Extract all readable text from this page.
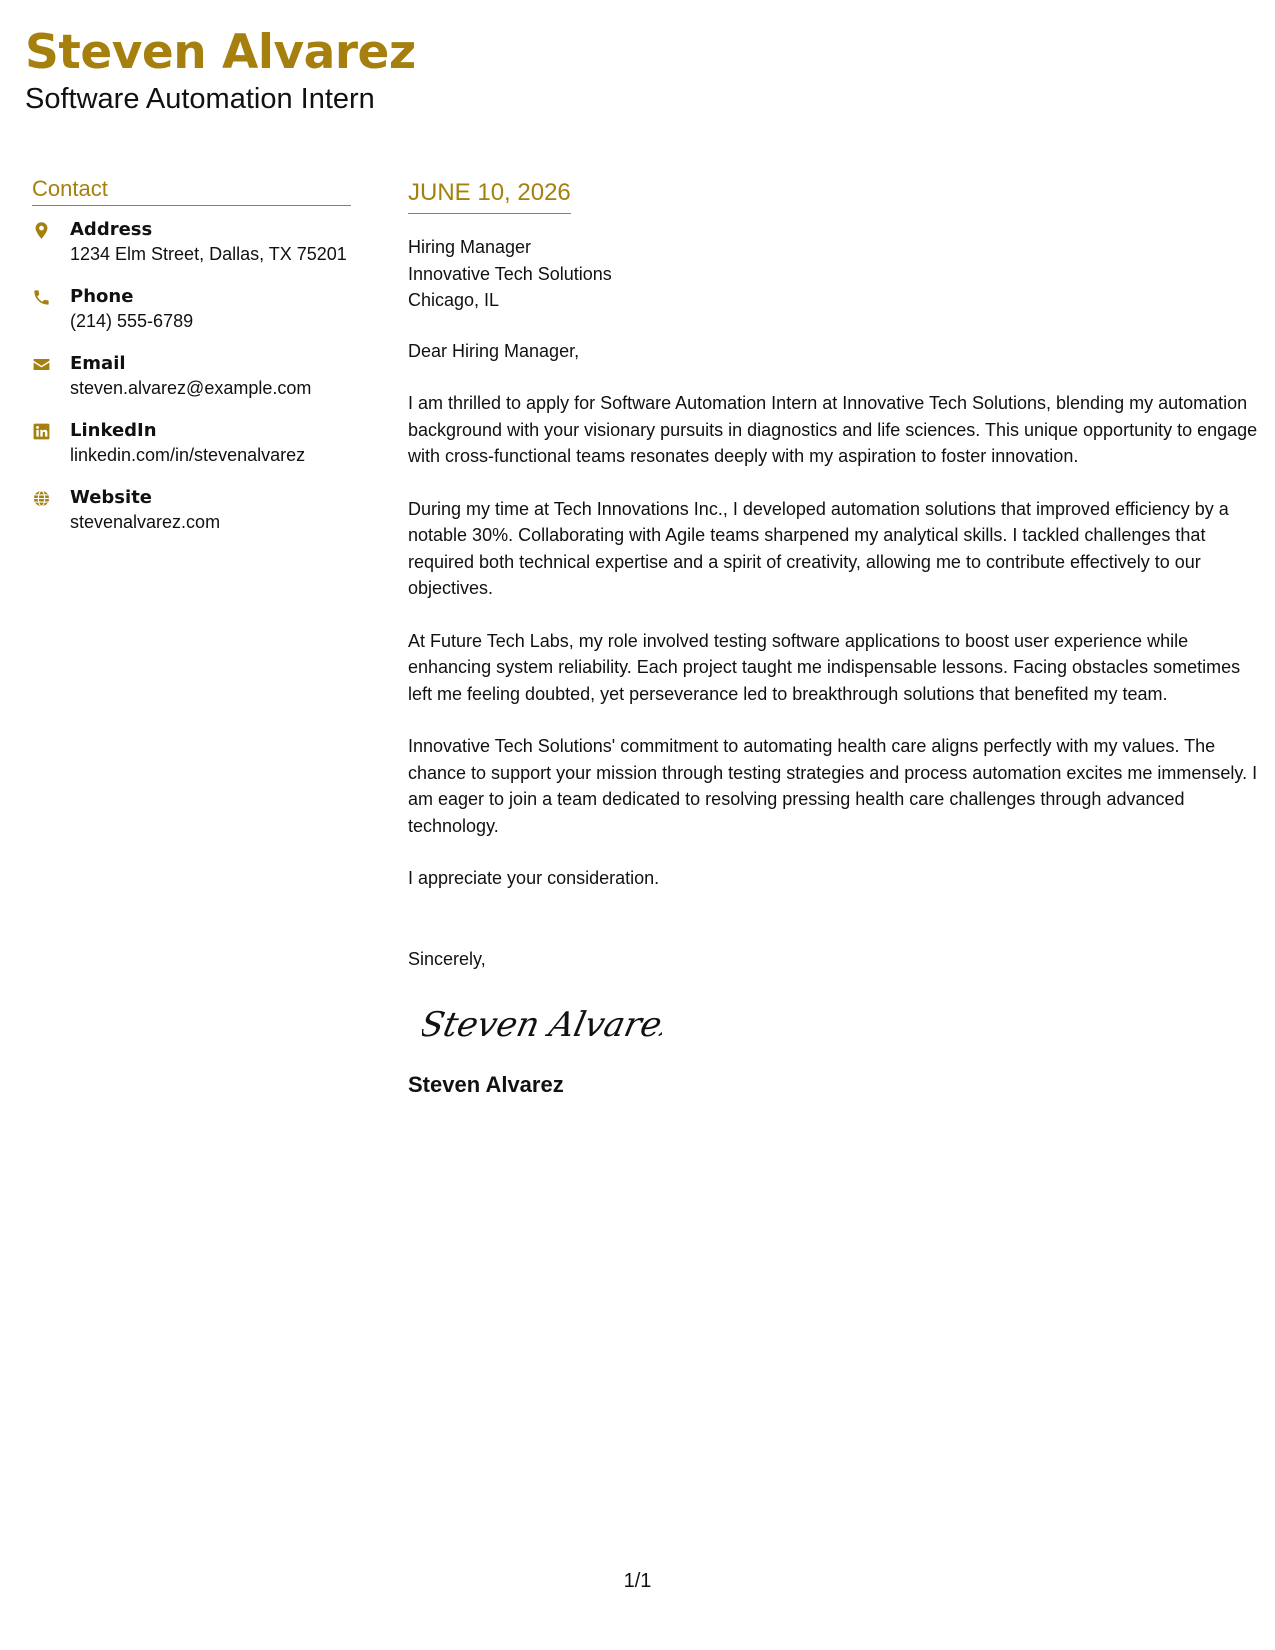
Steven Alvarez
Software Automation Intern
Contact
Address
1234 Elm Street, Dallas, TX 75201
Phone
(214) 555-6789
Email
steven.alvarez@example.com
LinkedIn
linkedin.com/in/stevenalvarez
Website
stevenalvarez.com
JUNE 10, 2026
Hiring Manager
Innovative Tech Solutions
Chicago, IL
Dear Hiring Manager,
I am thrilled to apply for Software Automation Intern at Innovative Tech Solutions, blending my automation background with your visionary pursuits in diagnostics and life sciences. This unique opportunity to engage with cross-functional teams resonates deeply with my aspiration to foster innovation.
During my time at Tech Innovations Inc., I developed automation solutions that improved efficiency by a notable 30%. Collaborating with Agile teams sharpened my analytical skills. I tackled challenges that required both technical expertise and a spirit of creativity, allowing me to contribute effectively to our objectives.
At Future Tech Labs, my role involved testing software applications to boost user experience while enhancing system reliability. Each project taught me indispensable lessons. Facing obstacles sometimes left me feeling doubted, yet perseverance led to breakthrough solutions that benefited my team.
Innovative Tech Solutions' commitment to automating health care aligns perfectly with my values. The chance to support your mission through testing strategies and process automation excites me immensely. I am eager to join a team dedicated to resolving pressing health care challenges through advanced technology.
I appreciate your consideration.
Sincerely,
Steven Alvarez
Steven Alvarez
1/1
